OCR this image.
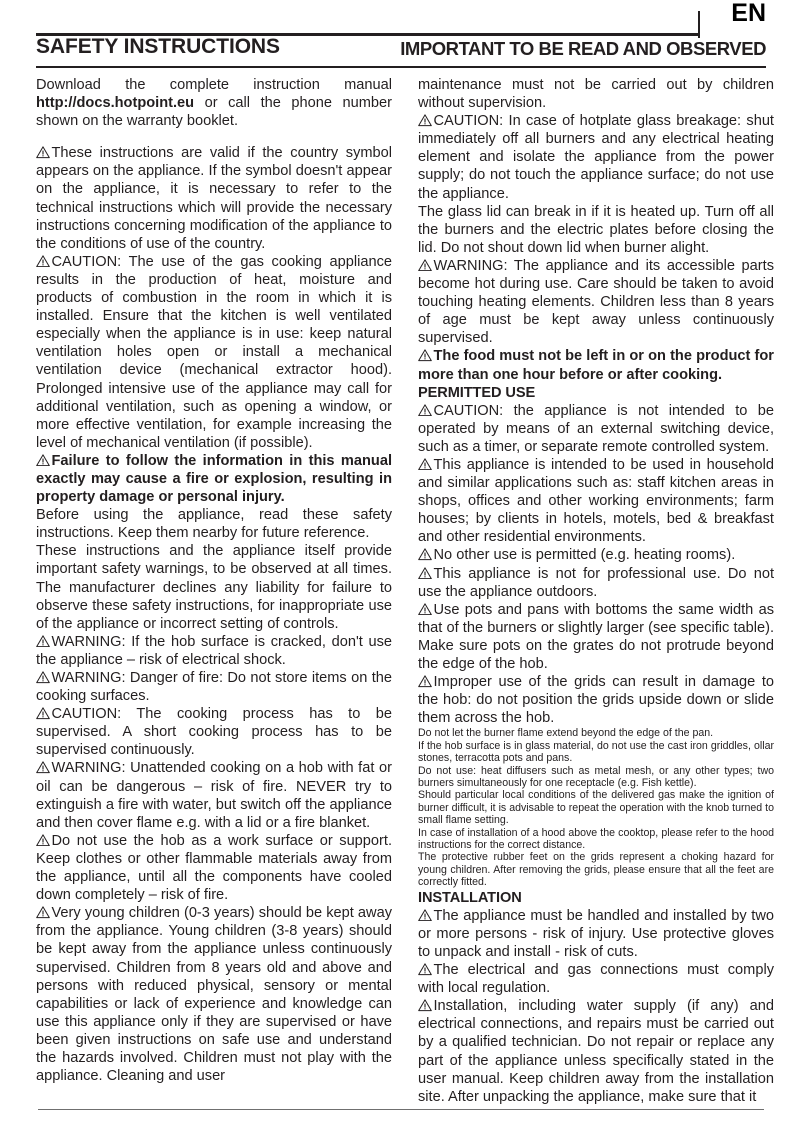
EN
SAFETY INSTRUCTIONS	IMPORTANT TO BE READ AND OBSERVED

Download the complete instruction manual http://docs.hotpoint.eu or call the phone number shown on the warranty booklet.

These instructions are valid if the country symbol appears on the appliance. If the symbol doesn't appear on the appliance, it is necessary to refer to the technical instructions which will provide the necessary instructions concerning modification of the appliance to the conditions of use of the country.

CAUTION: The use of the gas cooking appliance results in the production of heat, moisture and products of combustion in the room in which it is installed. Ensure that the kitchen is well ventilated especially when the appliance is in use: keep natural ventilation holes open or install a mechanical ventilation device (mechanical extractor hood). Prolonged intensive use of the appliance may call for additional ventilation, such as opening a window, or more effective ventilation, for example increasing the level of mechanical ventilation (if possible).

Failure to follow the information in this manual exactly may cause a fire or explosion, resulting in property damage or personal injury.

Before using the appliance, read these safety instructions. Keep them nearby for future reference.

These instructions and the appliance itself provide important safety warnings, to be observed at all times. The manufacturer declines any liability for failure to observe these safety instructions, for inappropriate use of the appliance or incorrect setting of controls.

WARNING: If the hob surface is cracked, don't use the appliance – risk of electrical shock.

WARNING: Danger of fire: Do not store items on the cooking surfaces.

CAUTION: The cooking process has to be supervised. A short cooking process has to be supervised continuously.

WARNING: Unattended cooking on a hob with fat or oil can be dangerous – risk of fire. NEVER try to extinguish a fire with water, but switch off the appliance and then cover flame e.g. with a lid or a fire blanket.

Do not use the hob as a work surface or support. Keep clothes or other flammable materials away from the appliance, until all the components have cooled down completely – risk of fire.

Very young children (0-3 years) should be kept away from the appliance. Young children (3-8 years) should be kept away from the appliance unless continuously supervised. Children from 8 years old and above and persons with reduced physical, sensory or mental capabilities or lack of experience and knowledge can use this appliance only if they are supervised or have been given instructions on safe use and understand the hazards involved. Children must not play with the appliance. Cleaning and user

maintenance must not be carried out by children without supervision.

CAUTION: In case of hotplate glass breakage: shut immediately off all burners and any electrical heating element and isolate the appliance from the power supply; do not touch the appliance surface; do not use the appliance.

The glass lid can break in if it is heated up. Turn off all the burners and the electric plates before closing the lid. Do not shout down lid when burner alight.

WARNING: The appliance and its accessible parts become hot during use. Care should be taken to avoid touching heating elements. Children less than 8 years of age must be kept away unless continuously supervised.

The food must not be left in or on the product for more than one hour before or after cooking.

PERMITTED USE

CAUTION: the appliance is not intended to be operated by means of an external switching device, such as a timer, or separate remote controlled system.

This appliance is intended to be used in household and similar applications such as: staff kitchen areas in shops, offices and other working environments; farm houses; by clients in hotels, motels, bed & breakfast and other residential environments.

No other use is permitted (e.g. heating rooms).

This appliance is not for professional use. Do not use the appliance outdoors.

Use pots and pans with bottoms the same width as that of the burners or slightly larger (see specific table). Make sure pots on the grates do not protrude beyond the edge of the hob.

Improper use of the grids can result in damage to the hob: do not position the grids upside down or slide them across the hob.

Do not let the burner flame extend beyond the edge of the pan.

If the hob surface is in glass material, do not use the cast iron griddles, ollar stones, terracotta pots and pans.

Do not use: heat diffusers such as metal mesh, or any other types; two burners simultaneously for one receptacle (e.g. Fish kettle).

Should particular local conditions of the delivered gas make the ignition of burner difficult, it is advisable to repeat the operation with the knob turned to small flame setting.

In case of installation of a hood above the cooktop, please refer to the hood instructions for the correct distance.

The protective rubber feet on the grids represent a choking hazard for young children. After removing the grids, please ensure that all the feet are correctly fitted.

INSTALLATION

The appliance must be handled and installed by two or more persons - risk of injury. Use protective gloves to unpack and install - risk of cuts.

The electrical and gas connections must comply with local regulation.

Installation, including water supply (if any) and electrical connections, and repairs must be carried out by a qualified technician. Do not repair or replace any part of the appliance unless specifically stated in the user manual. Keep children away from the installation site. After unpacking the appliance, make sure that it
